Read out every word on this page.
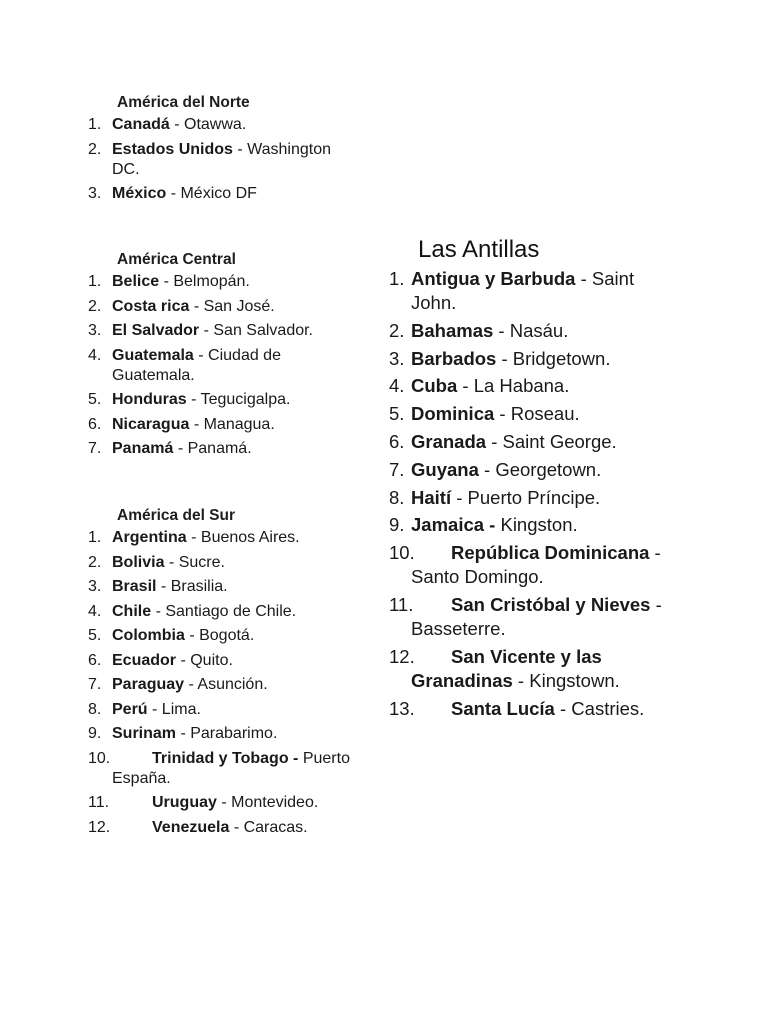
América del Norte
1. Canadá - Otawwa.
2. Estados Unidos - Washington DC.
3. México - México DF
América Central
1. Belice - Belmopán.
2. Costa rica - San José.
3. El Salvador - San Salvador.
4. Guatemala - Ciudad de Guatemala.
5. Honduras - Tegucigalpa.
6. Nicaragua - Managua.
7. Panamá - Panamá.
América del Sur
1. Argentina - Buenos Aires.
2. Bolivia - Sucre.
3. Brasil - Brasilia.
4. Chile - Santiago de Chile.
5. Colombia - Bogotá.
6. Ecuador - Quito.
7. Paraguay - Asunción.
8. Perú - Lima.
9. Surinam - Parabarimo.
10.	Trinidad y Tobago - Puerto España.
11.	Uruguay - Montevideo.
12.	Venezuela - Caracas.
Las Antillas
1. Antigua y Barbuda - Saint John.
2. Bahamas - Nasáu.
3. Barbados - Bridgetown.
4. Cuba - La Habana.
5. Dominica - Roseau.
6. Granada - Saint George.
7. Guyana - Georgetown.
8. Haití - Puerto Príncipe.
9. Jamaica - Kingston.
10. República Dominicana - Santo Domingo.
11. San Cristóbal y Nieves - Basseterre.
12. San Vicente y las Granadinas - Kingstown.
13. Santa Lucía - Castries.
